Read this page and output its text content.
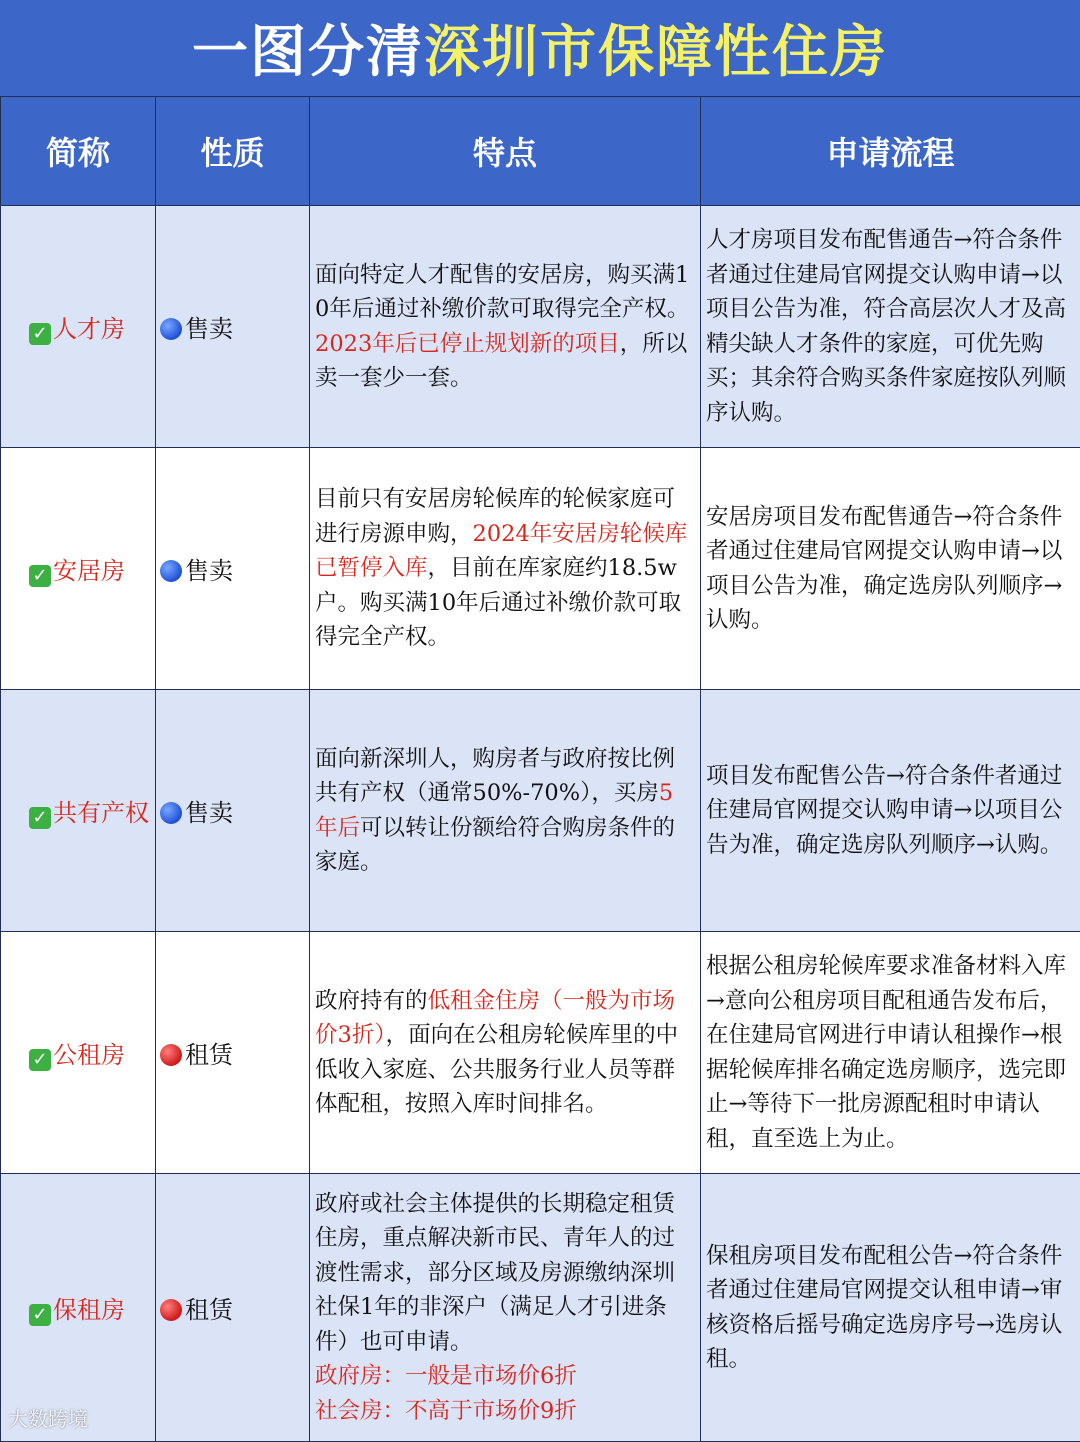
一图分清 深圳市保障性住房
简称	性质	特点	申请流程
✓ 人才房	售卖	面向特定人才配售的安居房，购买满10年后通过补缴价款可取得完全产权。2023年后已停止规划新的项目，所以卖一套少一套。	人才房项目发布配售通告→符合条件者通过住建局官网提交认购申请→以项目公告为准，符合高层次人才及高精尖缺人才条件的家庭，可优先购买；其余符合购买条件家庭按队列顺序认购。
✓ 安居房	售卖	目前只有安居房轮候库的轮候家庭可进行房源申购，2024年安居房轮候库已暂停入库，目前在库家庭约18.5w户。购买满10年后通过补缴价款可取得完全产权。	安居房项目发布配售通告→符合条件者通过住建局官网提交认购申请→以项目公告为准，确定选房队列顺序→认购。
✓ 共有产权	售卖	面向新深圳人，购房者与政府按比例共有产权（通常50%-70%），买房5年后可以转让份额给符合购房条件的家庭。	项目发布配售公告→符合条件者通过住建局官网提交认购申请→以项目公告为准，确定选房队列顺序→认购。
✓ 公租房	租赁	政府持有的低租金住房（一般为市场价3折），面向在公租房轮候库里的中低收入家庭、公共服务行业人员等群体配租，按照入库时间排名。	根据公租房轮候库要求准备材料入库→意向公租房项目配租通告发布后，在住建局官网进行申请认租操作→根据轮候库排名确定选房顺序，选完即止→等待下一批房源配租时申请认租，直至选上为止。
✓ 保租房	租赁	政府或社会主体提供的长期稳定租赁住房，重点解决新市民、青年人的过渡性需求，部分区域及房源缴纳深圳社保1年的非深户（满足人才引进条件）也可申请。
政府房：一般是市场价6折
社会房：不高于市场价9折	保租房项目发布配租公告→符合条件者通过住建局官网提交认租申请→审核资格后摇号确定选房序号→选房认租。
大数跨境
